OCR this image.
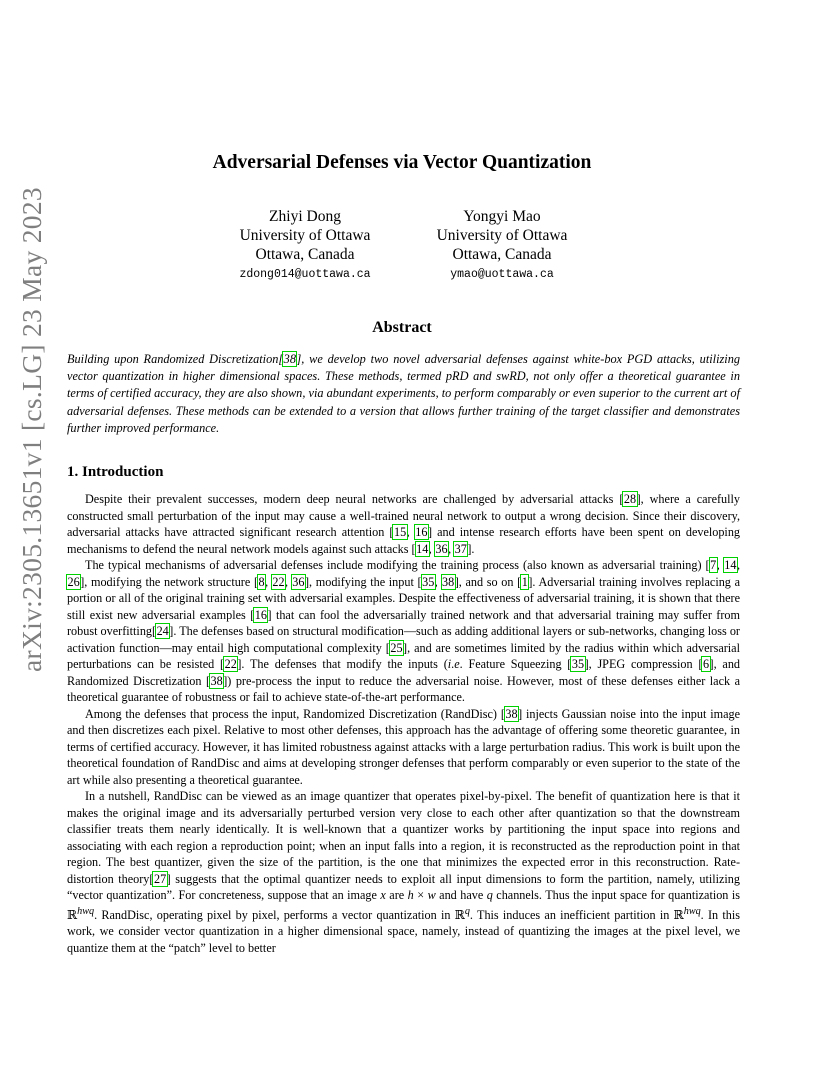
arXiv:2305.13651v1 [cs.LG] 23 May 2023
Adversarial Defenses via Vector Quantization
Zhiyi Dong
University of Ottawa
Ottawa, Canada
zdong014@uottawa.ca
Yongyi Mao
University of Ottawa
Ottawa, Canada
ymao@uottawa.ca
Abstract
Building upon Randomized Discretization[38], we develop two novel adversarial defenses against white-box PGD attacks, utilizing vector quantization in higher dimensional spaces. These methods, termed pRD and swRD, not only offer a theoretical guarantee in terms of certified accuracy, they are also shown, via abundant experiments, to perform comparably or even superior to the current art of adversarial defenses. These methods can be extended to a version that allows further training of the target classifier and demonstrates further improved performance.
1. Introduction

Despite their prevalent successes, modern deep neural networks are challenged by adversarial attacks [28], where a carefully constructed small perturbation of the input may cause a well-trained neural network to output a wrong decision. Since their discovery, adversarial attacks have attracted significant research attention [15, 16] and intense research efforts have been spent on developing mechanisms to defend the neural network models against such attacks [14, 36, 37].

The typical mechanisms of adversarial defenses include modifying the training process (also known as adversarial training) [7, 14, 26], modifying the network structure [8, 22, 36], modifying the input [35, 38], and so on [1]. Adversarial training involves replacing a portion or all of the original training set with adversarial examples. Despite the effectiveness of adversarial training, it is shown that there still exist new adversarial examples [16] that can fool the adversarially trained network and that adversarial training may suffer from robust overfitting[24]. The defenses based on structural modification—such as adding additional layers or sub-networks, changing loss or activation function—may entail high computational complexity [25], and are sometimes limited by the radius within which adversarial perturbations can be resisted [22]. The defenses that modify the inputs (i.e. Feature Squeezing [35], JPEG compression [6], and Randomized Discretization [38]) pre-process the input to reduce the adversarial noise. However, most of these defenses either lack a theoretical guarantee of robustness or fail to achieve state-of-the-art performance.

Among the defenses that process the input, Randomized Discretization (RandDisc) [38] injects Gaussian noise into the input image and then discretizes each pixel. Relative to most other defenses, this approach has the advantage of offering some theoretic guarantee, in terms of certified accuracy. However, it has limited robustness against attacks with a large perturbation radius. This work is built upon the theoretical foundation of RandDisc and aims at developing stronger defenses that perform comparably or even superior to the state of the art while also presenting a theoretical guarantee.

In a nutshell, RandDisc can be viewed as an image quantizer that operates pixel-by-pixel. The benefit of quantization here is that it makes the original image and its adversarially perturbed version very close to each other after quantization so that the downstream classifier treats them nearly identically. It is well-known that a quantizer works by partitioning the input space into regions and associating with each region a reproduction point; when an input falls into a region, it is reconstructed as the reproduction point in that region. The best quantizer, given the size of the partition, is the one that minimizes the expected error in this reconstruction. Rate-distortion theory[27] suggests that the optimal quantizer needs to exploit all input dimensions to form the partition, namely, utilizing “vector quantization”. For concreteness, suppose that an image x are h × w and have q channels. Thus the input space for quantization is ℝ$^{hwq}$. RandDisc, operating pixel by pixel, performs a vector quantization in ℝ$^q$. This induces an inefficient partition in ℝ$^{hwq}$. In this work, we consider vector quantization in a higher dimensional space, namely, instead of quantizing the images at the pixel level, we quantize them at the “patch” level to better
